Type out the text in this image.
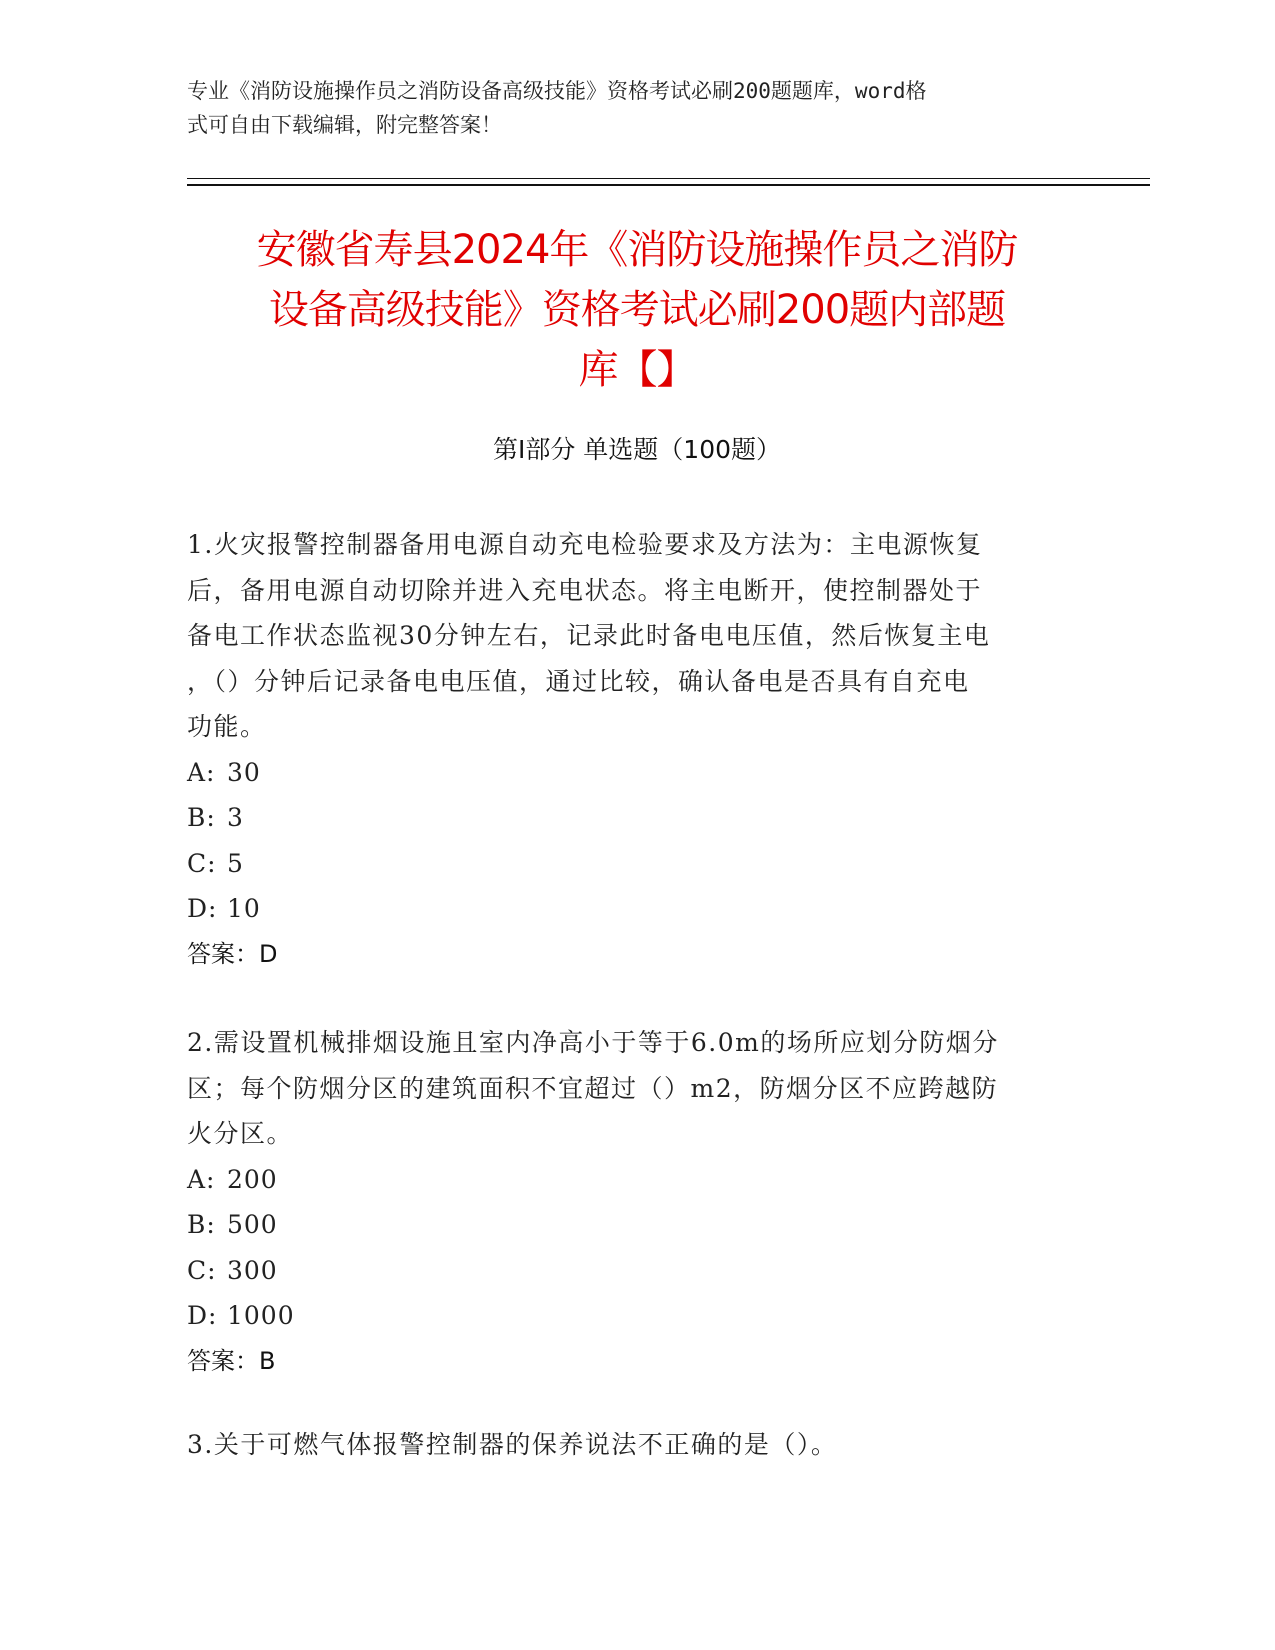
专业《消防设施操作员之消防设备高级技能》资格考试必刷200题题库，word格
式可自由下载编辑，附完整答案！
安徽省寿县2024年《消防设施操作员之消防
设备高级技能》资格考试必刷200题内部题
库【】
第Ⅰ部分 单选题（100题）

1.火灾报警控制器备用电源自动充电检验要求及方法为：主电源恢复

后，备用电源自动切除并进入充电状态。将主电断开，使控制器处于

备电工作状态监视30分钟左右，记录此时备电电压值，然后恢复主电

，（）分钟后记录备电电压值，通过比较，确认备电是否具有自充电

功能。

A: 30

B: 3

C: 5

D: 10

答案：D

2.需设置机械排烟设施且室内净高小于等于6.0m的场所应划分防烟分

区；每个防烟分区的建筑面积不宜超过（）m2，防烟分区不应跨越防

火分区。

A: 200

B: 500

C: 300

D: 1000

答案：B

3.关于可燃气体报警控制器的保养说法不正确的是（）。
